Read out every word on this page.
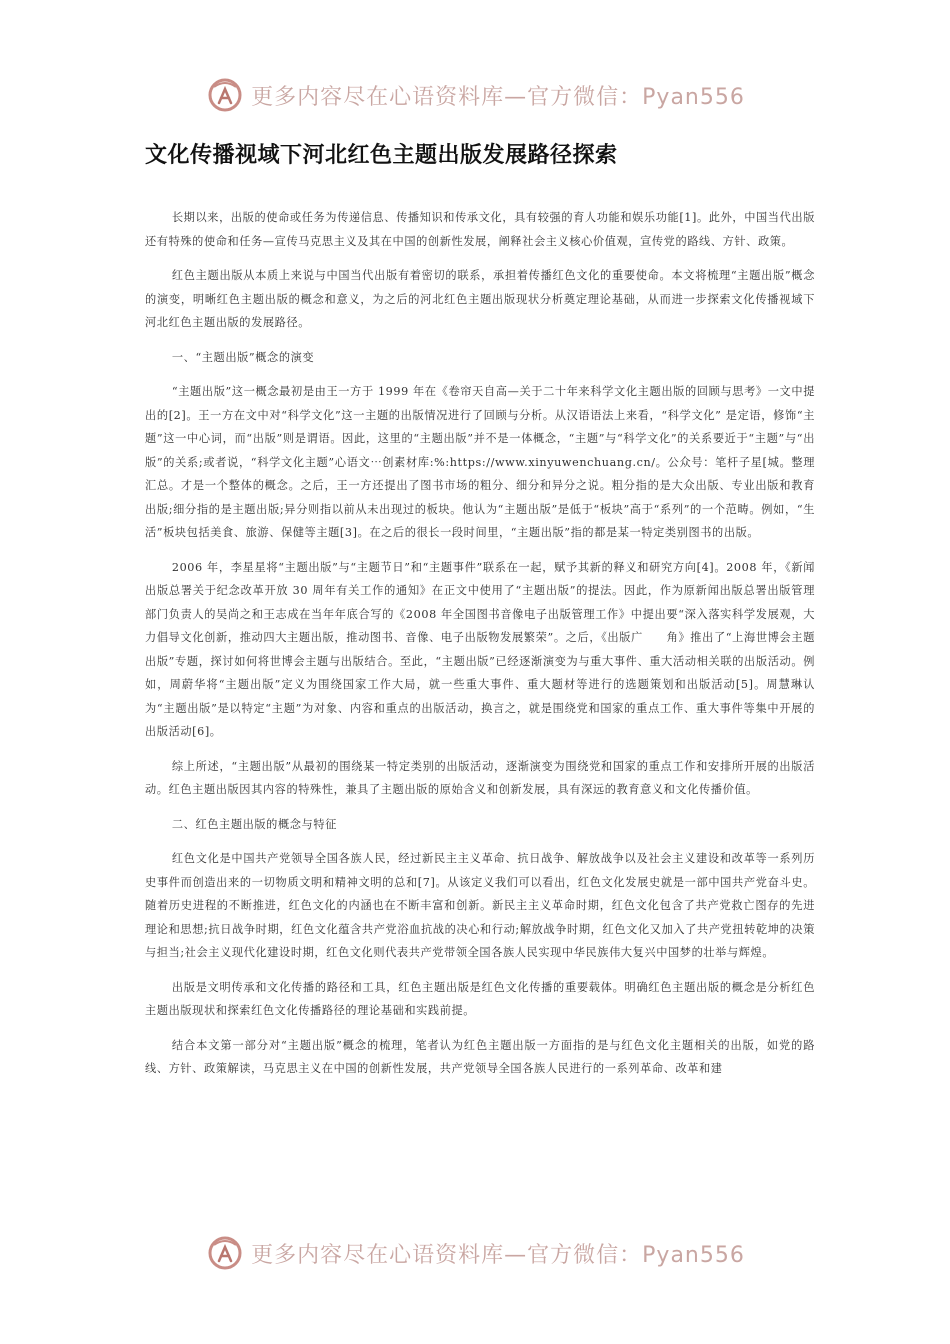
更多内容尽在心语资料库—官方微信：Pyan556
文化传播视域下河北红色主题出版发展路径探索

长期以来，出版的使命或任务为传递信息、传播知识和传承文化，具有较强的育人功能和娱乐功能[1]。此外，中国当代出版还有特殊的使命和任务—宣传马克思主义及其在中国的创新性发展，阐释社会主义核心价值观，宣传党的路线、方针、政策。

红色主题出版从本质上来说与中国当代出版有着密切的联系，承担着传播红色文化的重要使命。本文将梳理“主题出版”概念的演变，明晰红色主题出版的概念和意义，为之后的河北红色主题出版现状分析奠定理论基础，从而进一步探索文化传播视域下河北红色主题出版的发展路径。

一、“主题出版”概念的演变

“主题出版”这一概念最初是由王一方于 1999 年在《卷帘天自高—关于二十年来科学文化主题出版的回顾与思考》一文中提出的[2]。王一方在文中对“科学文化”这一主题的出版情况进行了回顾与分析。从汉语语法上来看，“科学文化” 是定语，修饰“主题”这一中心词，而“出版”则是谓语。因此，这里的“主题出版”并不是一体概念，“主题”与“科学文化”的关系要近于“主题”与“出版”的关系;或者说，“科学文化主题”心语文⋯创素材库:%:https://www.xinyuwenchuang.cn/。公众号：笔杆子星[城。整理汇总。才是一个整体的概念。之后，王一方还提出了图书市场的粗分、细分和异分之说。粗分指的是大众出版、专业出版和教育出版;细分指的是主题出版;异分则指以前从未出现过的板块。他认为“主题出版”是低于“板块”高于“系列”的一个范畴。例如，“生活”板块包括美食、旅游、保健等主题[3]。在之后的很长一段时间里，“主题出版”指的都是某一特定类别图书的出版。

2006 年，李星星将“主题出版”与“主题节日”和“主题事件”联系在一起，赋予其新的释义和研究方向[4]。2008 年，《新闻出版总署关于纪念改革开放 30 周年有关工作的通知》在正文中使用了“主题出版”的提法。因此，作为原新闻出版总署出版管理部门负责人的吴尚之和王志成在当年年底合写的《2008 年全国图书音像电子出版管理工作》中提出要“深入落实科学发展观，大力倡导文化创新，推动四大主题出版，推动图书、音像、电子出版物发展繁荣”。之后，《出版广　　角》推出了“上海世博会主题出版”专题，探讨如何将世博会主题与出版结合。至此，“主题出版”已经逐渐演变为与重大事件、重大活动相关联的出版活动。例如，周蔚华将“主题出版”定义为围绕国家工作大局，就一些重大事件、重大题材等进行的选题策划和出版活动[5]。周慧琳认为“主题出版”是以特定“主题”为对象、内容和重点的出版活动，换言之，就是围绕党和国家的重点工作、重大事件等集中开展的出版活动[6]。

综上所述，“主题出版”从最初的围绕某一特定类别的出版活动，逐渐演变为围绕党和国家的重点工作和安排所开展的出版活动。红色主题出版因其内容的特殊性，兼具了主题出版的原始含义和创新发展，具有深远的教育意义和文化传播价值。

二、红色主题出版的概念与特征

红色文化是中国共产党领导全国各族人民，经过新民主主义革命、抗日战争、解放战争以及社会主义建设和改革等一系列历史事件而创造出来的一切物质文明和精神文明的总和[7]。从该定义我们可以看出，红色文化发展史就是一部中国共产党奋斗史。随着历史进程的不断推进，红色文化的内涵也在不断丰富和创新。新民主主义革命时期，红色文化包含了共产党救亡图存的先进理论和思想;抗日战争时期，红色文化蕴含共产党浴血抗战的决心和行动;解放战争时期，红色文化又加入了共产党扭转乾坤的决策与担当;社会主义现代化建设时期，红色文化则代表共产党带领全国各族人民实现中华民族伟大复兴中国梦的壮举与辉煌。

出版是文明传承和文化传播的路径和工具，红色主题出版是红色文化传播的重要载体。明确红色主题出版的概念是分析红色主题出版现状和探索红色文化传播路径的理论基础和实践前提。

结合本文第一部分对“主题出版”概念的梳理，笔者认为红色主题出版一方面指的是与红色文化主题相关的出版，如党的路线、方针、政策解读，马克思主义在中国的创新性发展，共产党领导全国各族人民进行的一系列革命、改革和建

更多内容尽在心语资料库—官方微信：Pyan556
